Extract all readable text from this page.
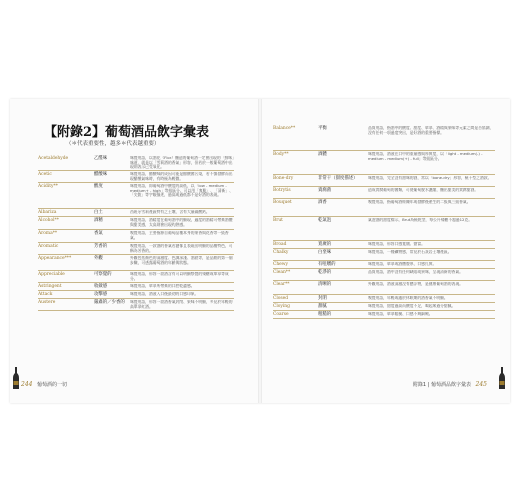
【附錄2】葡萄酒品飲字彙表
（＊代表重要性，越多＊代表越重要）
Acetaldehyde	乙醛味	味覺用語，以酒花（Flor）釀造的葡萄酒一定會出現的「鮮味」味道，就是以「雪莉酒的香氣」形容，但若於一般葡萄酒中出現則表示已受氧化。
Acetic	醋酸味	味覺用語，醋酸味的成因可能是醋酸菌污染，若不慎發酵而出現醋酸氣味時，有時極為輕微。
Acidity**	酸度	味覺用語，即葡萄酒中酸度的高低，以「low - medium - medium+ - high」等級區分。可以用「爽脆」、「清新」、「尖銳」等字眼描述，過高或過低都不是好酒的表現。
Albariza	白土	西班牙雪莉產區特有之土壤，含有大量碳酸鈣。
Alcohol**	酒精	味覺用語，酒精度在葡萄酒中的顯現，適度的酒精可帶來酒體與甜美感，太高則會出現灼熱感。
Aroma**	香氣	嗅覺用語，主要指源自葡萄品種本身的果香與花香等一級香氣。
Aromatic	芳香的	嗅覺用語，一款酒的香氣若濃郁且表現出明顯的品種特色，可稱為芳香的。
Appearance***	外觀	外觀包括顏色的清澈度、色調深淺、酒淚等，是品飲的第一個步驟，可透露葡萄酒的年齡與狀態。
Appreciable	可察覺的	味覺用語，形容一款酒含有可以明顯察覺的殘糖或單寧等成分。
Astringent	收斂感	味覺用語，單寧所帶來的口腔乾澀感。
Attack	攻擊感	味覺用語，酒液入口後最初的口感印象。
Austere	嚴肅的／少香的	味覺用語，形容一款酒香氣封閉、果味不明顯，多見於年輕的高單寧紅酒。
244 葡萄酒的一切
Balance**	平衡	品質用語，指酒中的酸度、甜度、單寧、酒精與果味等元素之間是否協調，沒有任何一項過度突出，是好酒的重要指標。
Body**	酒體	味覺用語，酒液在口中的重量感與厚實度，以「light - medium(-) - medium - medium(+) - full」等級區分。
Bone-dry	非常干（甜度描述）	味覺用語，完全沒有甜味的酒，常以「bone-dry」形容，極干型之酒款。
Botrytis	貴腐菌	造成貴腐葡萄的菌類，可使葡萄脫水濃縮，釀出甜美的貴腐甜酒。
Bouquet	酒香	嗅覺用語，指葡萄酒經陳年或發酵後產生的二級與三級香氣。
Brut	乾氣泡	氣泡酒的甜度標示，Brut為極乾型，每公升殘糖不超過12克。
Broad	寬廣的	味覺用語，形容口感寬闊、豐富。
Chalky	白堊味	味覺用語，一種礦物感，常見於石灰岩土壤產區。
Chewy	有咀嚼的	味覺用語，單寧或酒體豐厚，口感扎實。
Clean**	乾淨的	品質用語，酒中沒有任何缺陷或異味，呈現清新的香氣。
Clear**	清晰的	外觀用語，酒液清澈沒有懸浮物，是健康葡萄酒的表現。
Closed	封閉	嗅覺用語，年輕或處於休眠期的酒香氣不明顯。
Cloying	甜膩	味覺用語，甜度過高而酸度不足，喝起來過分甜膩。
Coarse	粗糙的	味覺用語，單寧粗糙、口感不夠細緻。
附錄1 | 葡萄酒品飲字彙表 245
